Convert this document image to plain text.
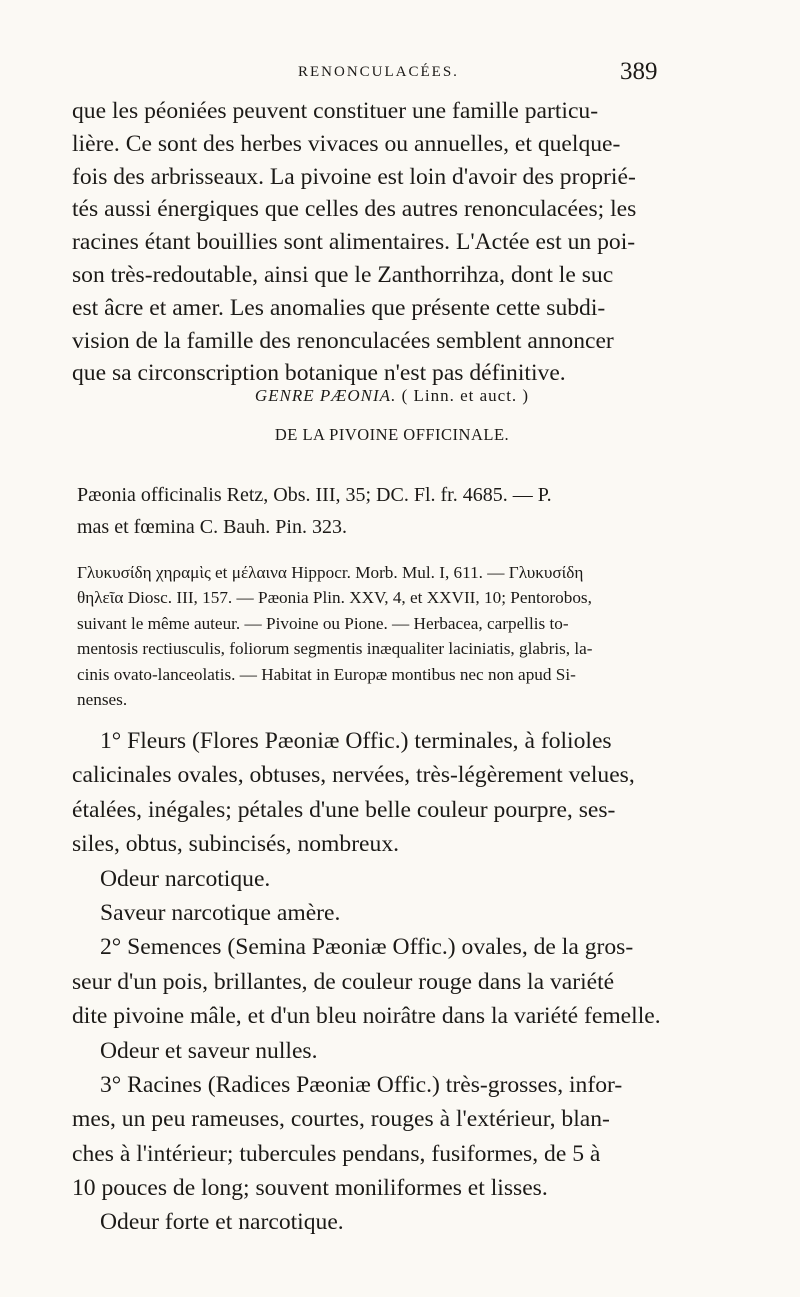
RENONCULACÉES.	389
que les péoniées peuvent constituer une famille particu-
lière. Ce sont des herbes vivaces ou annuelles, et quelque-
fois des arbrisseaux. La pivoine est loin d'avoir des proprié-
tés aussi énergiques que celles des autres renonculacées; les
racines étant bouillies sont alimentaires. L'Actée est un poi-
son très-redoutable, ainsi que le Zanthorrihza, dont le suc
est âcre et amer. Les anomalies que présente cette subdi-
vision de la famille des renonculacées semblent annoncer
que sa circonscription botanique n'est pas définitive.
GENRE PÆONIA. ( Linn. et auct. )
DE LA PIVOINE OFFICINALE.
Pæonia officinalis Retz, Obs. III, 35; DC. Fl. fr. 4685. — P.
mas et fœmina C. Bauh. Pin. 323.
Γλυκυσίδη χηραμὶς et μέλαινα Hippocr. Morb. Mul. I, 611. — Γλυκυσίδη
θηλεῖα Diosc. III, 157. — Pæonia Plin. XXV, 4, et XXVII, 10; Pentorobos,
suivant le même auteur. — Pivoine ou Pione. — Herbacea, carpellis to-
mentosis rectiusculis, foliorum segmentis inæqualiter laciniatis, glabris, la-
cinis ovato-lanceolatis. — Habitat in Europæ montibus nec non apud Si-
nenses.
1° Fleurs (Flores Pæoniæ Offic.) terminales, à folioles
calicinales ovales, obtuses, nervées, très-légèrement velues,
étalées, inégales; pétales d'une belle couleur pourpre, ses-
siles, obtus, subincisés, nombreux.
Odeur narcotique.
Saveur narcotique amère.
2° Semences (Semina Pæoniæ Offic.) ovales, de la gros-
seur d'un pois, brillantes, de couleur rouge dans la variété
dite pivoine mâle, et d'un bleu noirâtre dans la variété femelle.
Odeur et saveur nulles.
3° Racines (Radices Pæoniæ Offic.) très-grosses, infor-
mes, un peu rameuses, courtes, rouges à l'extérieur, blan-
ches à l'intérieur; tubercules pendans, fusiformes, de 5 à
10 pouces de long; souvent moniliformes et lisses.
Odeur forte et narcotique.
